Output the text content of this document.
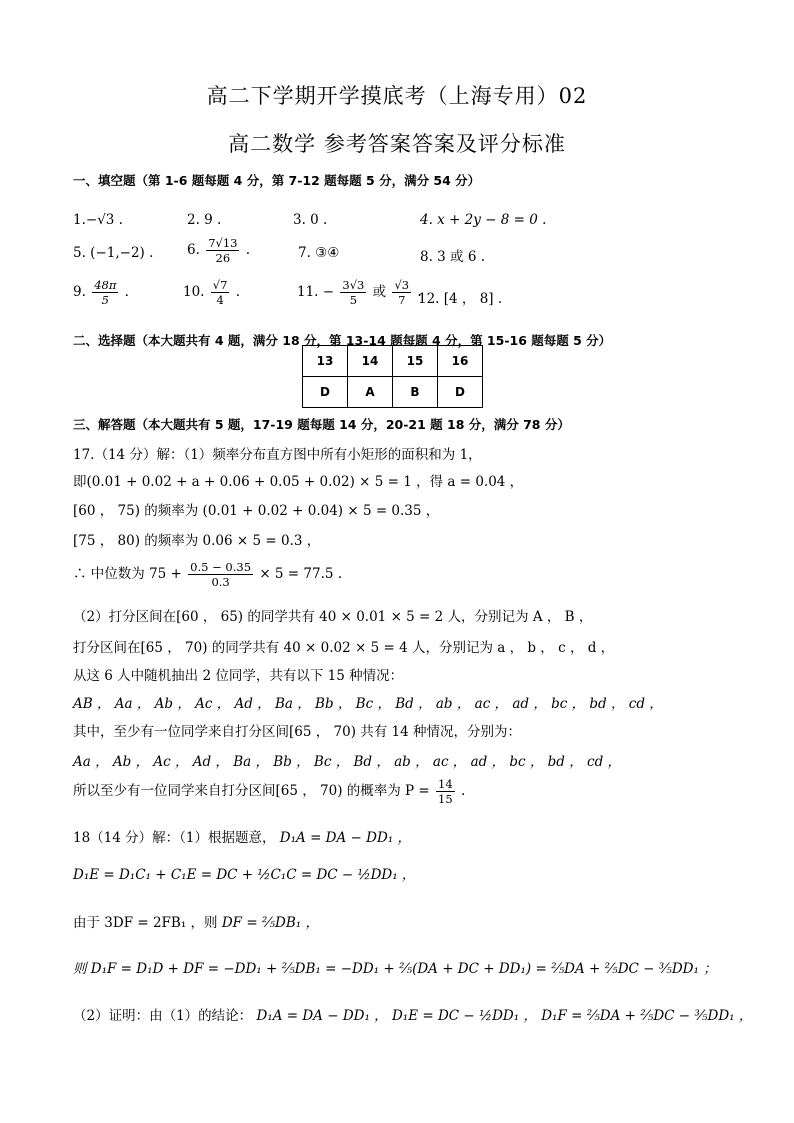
高二下学期开学摸底考（上海专用）02
高二数学 参考答案答案及评分标准
一、填空题（第 1-6 题每题 4 分，第 7-12 题每题 5 分，满分 54 分）
1.−√3 .	2. 9 .	3. 0 .	4. x + 2y − 8 = 0 .
5. (−1,−2) . 6. $\frac{7√13}{26}$ .	7. ③④	8. 3 或 6 .
9. $\frac{48\pi}{5}$ .	10. $\frac{√7}{4}$ .	11. − $\frac{3√3}{5}$ 或 $\frac{√3}{7}$ .
12. [4 ， 8] .
二、选择题（本大题共有 4 题，满分 18 分，第 13-14 题每题 4 分，第 15-16 题每题 5 分）
13	14	15	16
D	A	B	D
三、解答题（本大题共有 5 题，17-19 题每题 14 分，20-21 题 18 分，满分 78 分）
17.（14 分）解：（1）频率分布直方图中所有小矩形的面积和为 1，
即(0.01 + 0.02 + a + 0.06 + 0.05 + 0.02) × 5 = 1 ，得 a = 0.04 ，
[60 ， 75) 的频率为 (0.01 + 0.02 + 0.04) × 5 = 0.35 ，
[75 ， 80) 的频率为 0.06 × 5 = 0.3 ，
∴ 中位数为 $75 + \frac{0.5 - 0.35}{0.3} \times 5 = 77.5$ .
（2）打分区间在[60 ， 65) 的同学共有 40 × 0.01 × 5 = 2 人，分别记为 A ， B ，
打分区间在[65 ， 70) 的同学共有 40 × 0.02 × 5 = 4 人，分别记为 a ， b ， c ， d ，
从这 6 人中随机抽出 2 位同学，共有以下 15 种情况：
AB ， Aa ， Ab ， Ac ， Ad ， Ba ， Bb ， Bc ， Bd ， ab ， ac ， ad ， bc ， bd ， cd ，
其中，至少有一位同学来自打分区间[65 ， 70) 共有 14 种情况，分别为：
Aa ， Ab ， Ac ， Ad ， Ba ， Bb ， Bc ， Bd ， ab ， ac ， ad ， bc ， bd ， cd ，
所以至少有一位同学来自打分区间[65 ， 70) 的概率为 $P = \frac{14}{15}$ .
18（14 分）解：（1）根据题意， D₁A = DA − DD₁ ，
D₁E = D₁C₁ + C₁E = DC + ½C₁C = DC − ½DD₁ ，
由于 3DF = 2FB₁ ，则 DF = ⅖DB₁ ，
则 D₁F = D₁D + DF = −DD₁ + ⅖DB₁ = −DD₁ + ⅖(DA + DC + DD₁) = ⅖DA + ⅖DC − ⅗DD₁ ；
（2）证明：由（1）的结论： D₁A = DA − DD₁ ， D₁E = DC − ½DD₁ ， D₁F = ⅖DA + ⅖DC − ⅗DD₁ ，
